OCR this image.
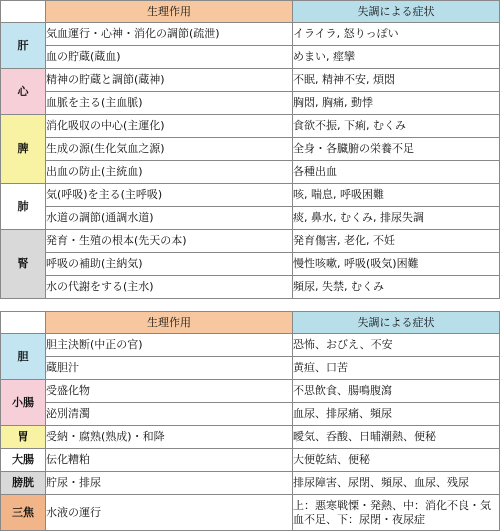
	生理作用	失調による症状
肝	気血運行・心神・消化の調節(疏泄)	イライラ, 怒りっぽい
	血の貯蔵(蔵血)	めまい, 痙攣
心	精神の貯蔵と調節(蔵神)	不眠, 精神不安, 煩悶
	血脈を主る(主血脈)	胸悶, 胸痛, 動悸
脾	消化吸収の中心(主運化)	食欲不振, 下痢, むくみ
	生成の源(生化気血之源)	全身・各臓腑の栄養不足
	出血の防止(主統血)	各種出血
肺	気(呼吸)を主る(主呼吸)	咳, 喘息, 呼吸困難
	水道の調節(通調水道)	痰, 鼻水, むくみ, 排尿失調
腎	発育・生殖の根本(先天の本)	発育傷害, 老化, 不妊
	呼吸の補助(主納気)	慢性咳嗽, 呼吸(吸気)困難
	水の代謝をする(主水)	頻尿, 失禁, むくみ
	生理作用	失調による症状
胆	胆主決断(中正の官)	恐怖、おびえ、不安
	蔵胆汁	黄疸、口苦
小腸	受盛化物	不思飲食、腸鳴腹瀉
	泌別清濁	血尿、排尿痛、頻尿
胃	受納・腐熟(熟成)・和降	曖気、呑酸、日晡潮熱、便秘
大腸	伝化糟粕	大便乾結、便秘
膀胱	貯尿・排尿	排尿障害、尿閉、頻尿、血尿、残尿
三焦	水液の運行	上：悪寒戦慄・発熱、中：消化不良・気血不足、下：尿閉・夜尿症
